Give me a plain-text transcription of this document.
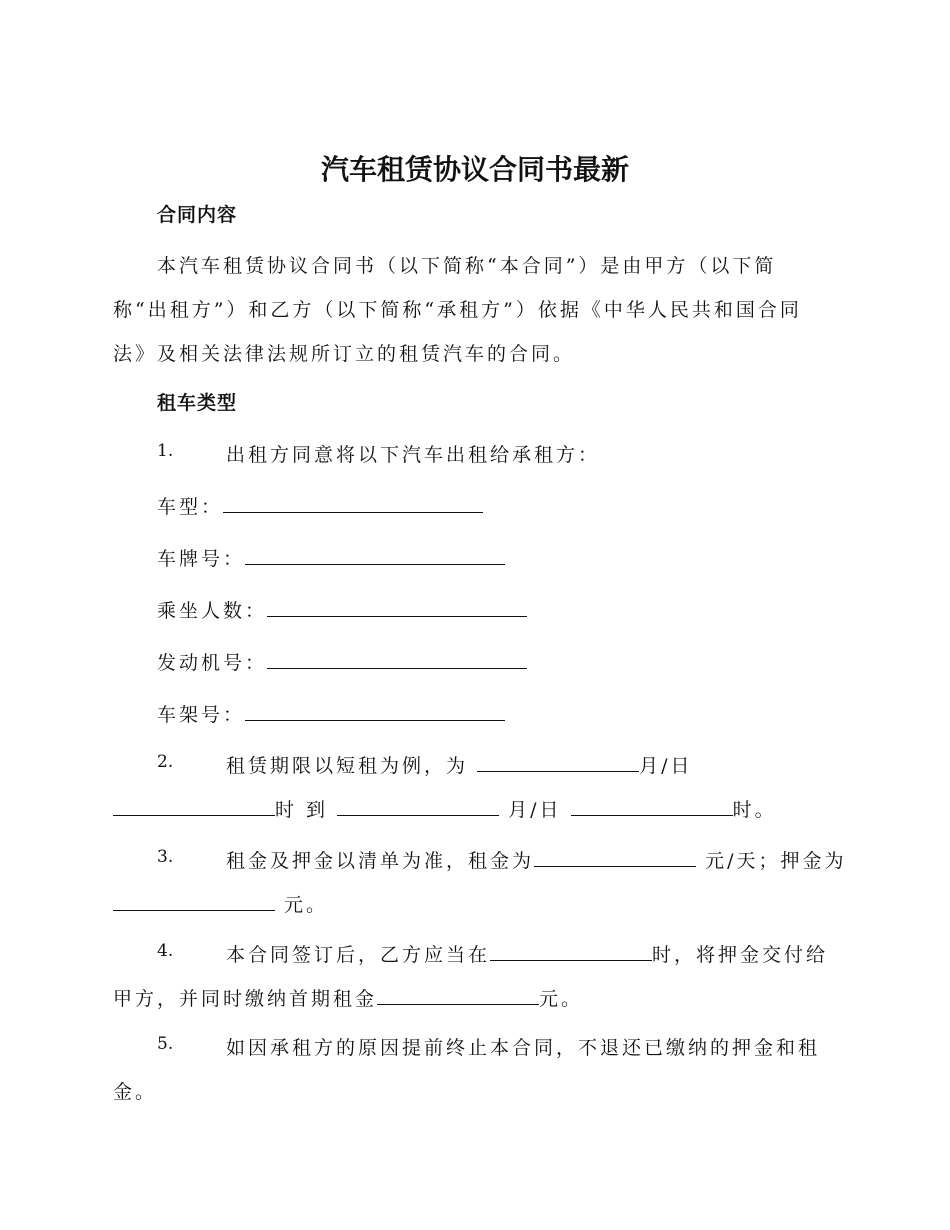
汽车租赁协议合同书最新
合同内容
本汽车租赁协议合同书（以下简称“本合同”）是由甲方（以下简
称“出租方”）和乙方（以下简称“承租方”）依据《中华人民共和国合同
法》及相关法律法规所订立的租赁汽车的合同。
租车类型
1.	出租方同意将以下汽车出租给承租方：
车型：
车牌号：
乘坐人数：
发动机号：
车架号：
2.	租赁期限以短租为例，为	月/日
时 到	月/日	时。
3.	租金及押金以清单为准，租金为	元/天；押金为
元。
4.	本合同签订后，乙方应当在	时，将押金交付给
甲方，并同时缴纳首期租金	元。
5.	如因承租方的原因提前终止本合同，不退还已缴纳的押金和租
金。
